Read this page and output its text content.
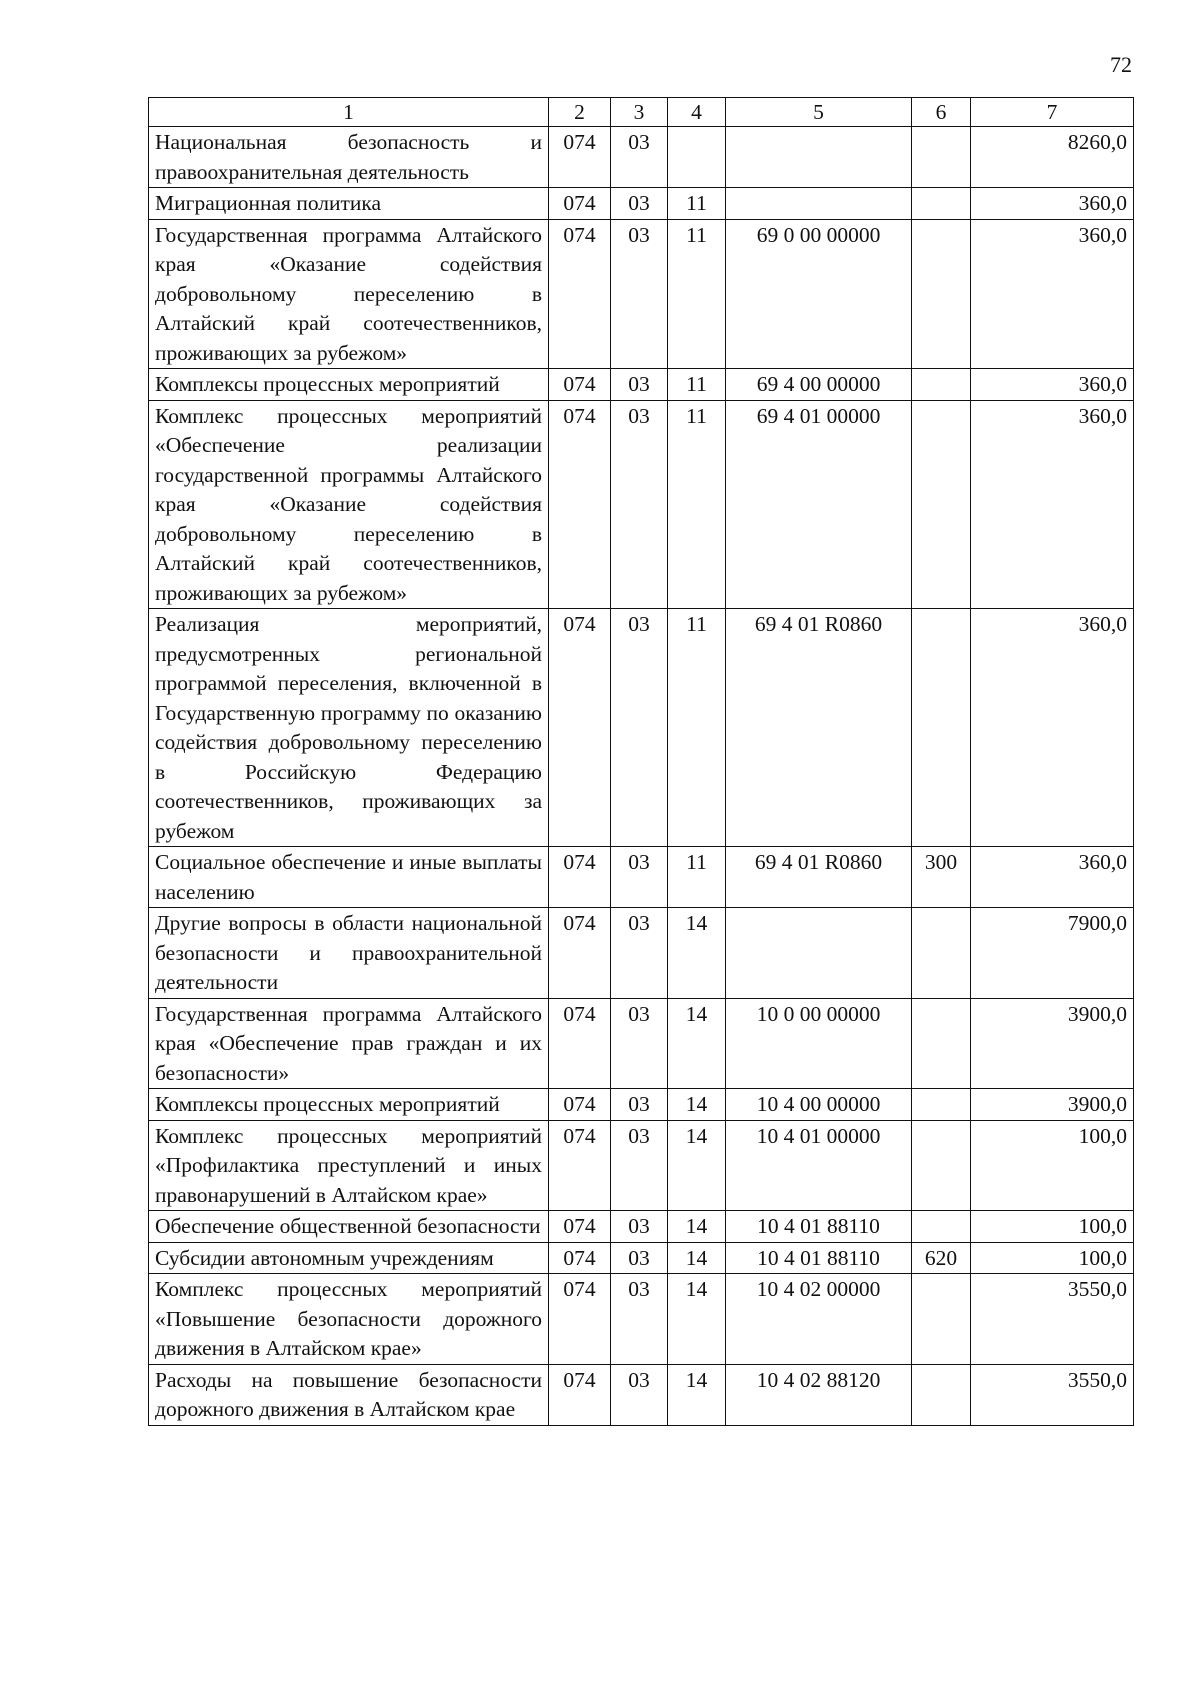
72
1	2	3	4	5	6	7
Национальная безопасность и правоохранительная деятельность	074	03				8260,0
Миграционная политика	074	03	11			360,0
Государственная программа Алтайского края «Оказание содействия добровольному переселению в Алтайский край соотечественников, проживающих за рубежом»	074	03	11	69 0 00 00000		360,0
Комплексы процессных мероприятий	074	03	11	69 4 00 00000		360,0
Комплекс процессных мероприятий «Обеспечение реализации государственной программы Алтайского края «Оказание содействия добровольному переселению в Алтайский край соотечественников, проживающих за рубежом»	074	03	11	69 4 01 00000		360,0
Реализация мероприятий, предусмотренных региональной программой переселения, включенной в Государственную программу по оказанию содействия добровольному переселению в Российскую Федерацию соотечественников, проживающих за рубежом	074	03	11	69 4 01 R0860		360,0
Социальное обеспечение и иные выплаты населению	074	03	11	69 4 01 R0860	300	360,0
Другие вопросы в области национальной безопасности и правоохранительной деятельности	074	03	14			7900,0
Государственная программа Алтайского края «Обеспечение прав граждан и их безопасности»	074	03	14	10 0 00 00000		3900,0
Комплексы процессных мероприятий	074	03	14	10 4 00 00000		3900,0
Комплекс процессных мероприятий «Профилактика преступлений и иных правонарушений в Алтайском крае»	074	03	14	10 4 01 00000		100,0
Обеспечение общественной безопасности	074	03	14	10 4 01 88110		100,0
Субсидии автономным учреждениям	074	03	14	10 4 01 88110	620	100,0
Комплекс процессных мероприятий «Повышение безопасности дорожного движения в Алтайском крае»	074	03	14	10 4 02 00000		3550,0
Расходы на повышение безопасности дорожного движения в Алтайском крае	074	03	14	10 4 02 88120		3550,0
